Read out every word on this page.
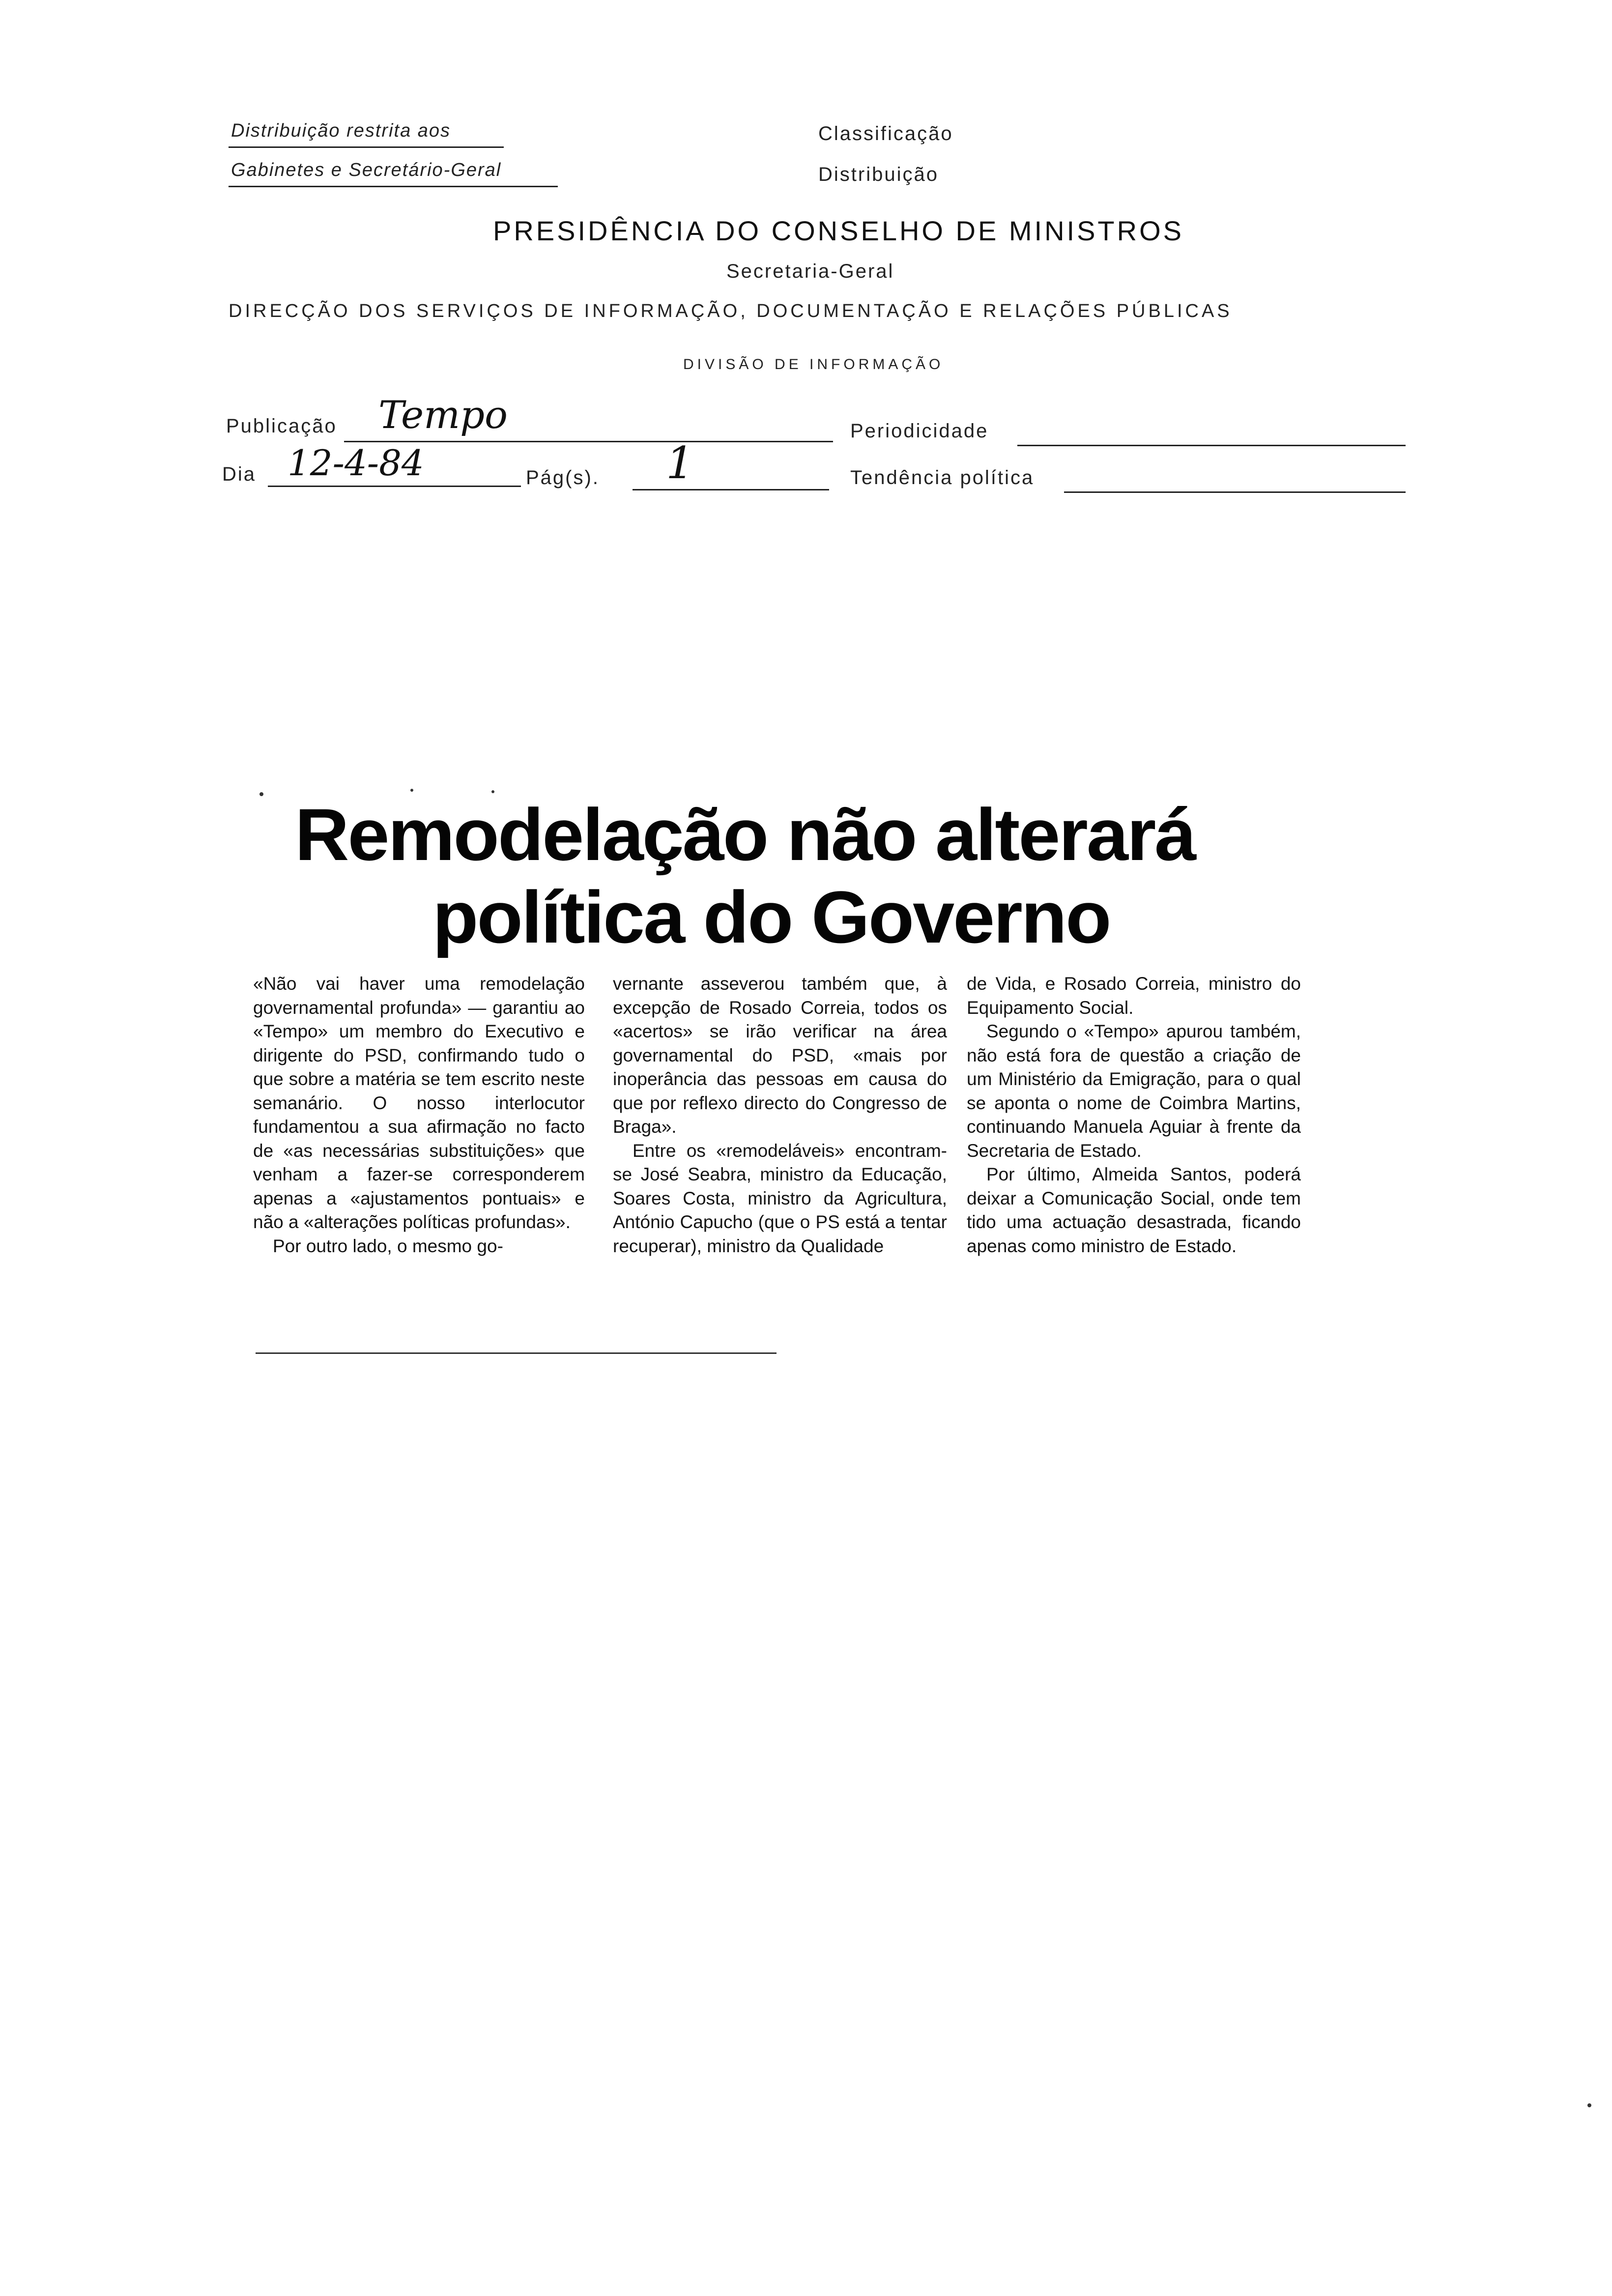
Distribuição restrita aos
Gabinetes e Secretário-Geral
Classificação
Distribuição
PRESIDÊNCIA DO CONSELHO DE MINISTROS
Secretaria-Geral
DIRECÇÃO DOS SERVIÇOS DE INFORMAÇÃO, DOCUMENTAÇÃO E RELAÇÕES PÚBLICAS
DIVISÃO DE INFORMAÇÃO
Publicação Tempo	Periodicidade
Dia 12-4-84	Pág(s). 1	Tendência política
Remodelação não alterará
política do Governo

«Não vai haver uma remodelação governamental profunda» — garantiu ao «Tempo» um membro do Executivo e dirigente do PSD, confirmando tudo o que sobre a matéria se tem escrito neste semanário. O nosso interlocutor fundamentou a sua afirmação no facto de «as necessárias substituições» que venham a fazer-se corresponderem apenas a «ajustamentos pontuais» e não a «alterações políticas profundas».

Por outro lado, o mesmo go-

vernante asseverou também que, à excepção de Rosado Correia, todos os «acertos» se irão verificar na área governamental do PSD, «mais por inoperância das pessoas em causa do que por reflexo directo do Congresso de Braga».

Entre os «remodeláveis» encontram-se José Seabra, ministro da Educação, Soares Costa, ministro da Agricultura, António Capucho (que o PS está a tentar recuperar), ministro da Qualidade

de Vida, e Rosado Correia, ministro do Equipamento Social.

Segundo o «Tempo» apurou também, não está fora de questão a criação de um Ministério da Emigração, para o qual se aponta o nome de Coimbra Martins, continuando Manuela Aguiar à frente da Secretaria de Estado.

Por último, Almeida Santos, poderá deixar a Comunicação Social, onde tem tido uma actuação desastrada, ficando apenas como ministro de Estado.
